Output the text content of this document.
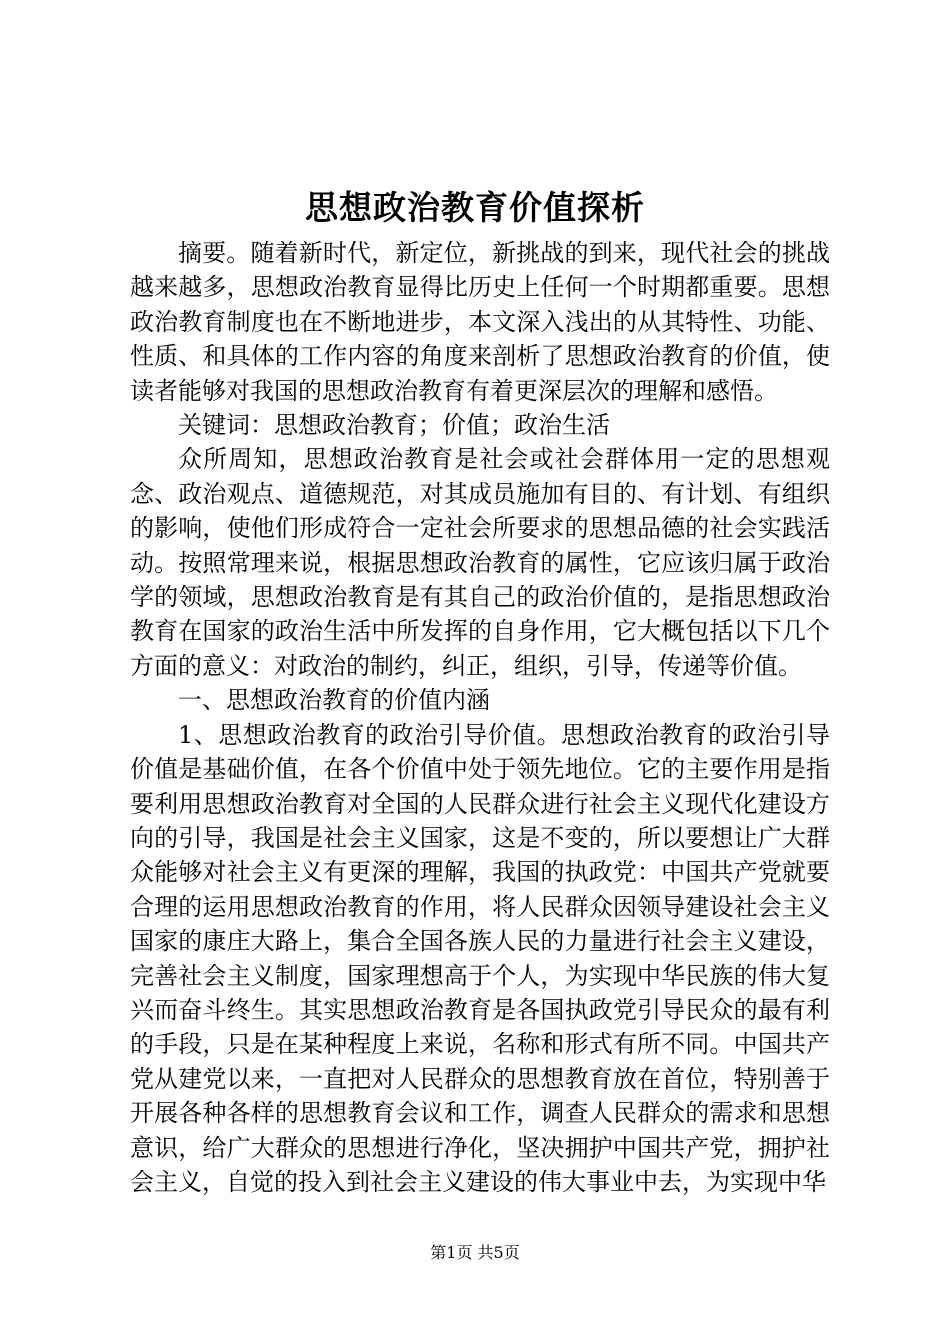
思想政治教育价值探析

摘要。随着新时代，新定位，新挑战的到来，现代社会的挑战越来越多，思想政治教育显得比历史上任何一个时期都重要。思想政治教育制度也在不断地进步，本文深入浅出的从其特性、功能、性质、和具体的工作内容的角度来剖析了思想政治教育的价值，使读者能够对我国的思想政治教育有着更深层次的理解和感悟。

关键词：思想政治教育；价值；政治生活

众所周知，思想政治教育是社会或社会群体用一定的思想观念、政治观点、道德规范，对其成员施加有目的、有计划、有组织的影响，使他们形成符合一定社会所要求的思想品德的社会实践活动。按照常理来说，根据思想政治教育的属性，它应该归属于政治学的领域，思想政治教育是有其自己的政治价值的，是指思想政治教育在国家的政治生活中所发挥的自身作用，它大概包括以下几个方面的意义：对政治的制约，纠正，组织，引导，传递等价值。

一、思想政治教育的价值内涵

1、思想政治教育的政治引导价值。思想政治教育的政治引导价值是基础价值，在各个价值中处于领先地位。它的主要作用是指要利用思想政治教育对全国的人民群众进行社会主义现代化建设方向的引导，我国是社会主义国家，这是不变的，所以要想让广大群众能够对社会主义有更深的理解，我国的执政党：中国共产党就要合理的运用思想政治教育的作用，将人民群众因领导建设社会主义国家的康庄大路上，集合全国各族人民的力量进行社会主义建设，完善社会主义制度，国家理想高于个人，为实现中华民族的伟大复兴而奋斗终生。其实思想政治教育是各国执政党引导民众的最有利的手段，只是在某种程度上来说，名称和形式有所不同。中国共产党从建党以来，一直把对人民群众的思想教育放在首位，特别善于开展各种各样的思想教育会议和工作，调查人民群众的需求和思想意识，给广大群众的思想进行净化，坚决拥护中国共产党，拥护社会主义，自觉的投入到社会主义建设的伟大事业中去，为实现中华

第1页 共5页
